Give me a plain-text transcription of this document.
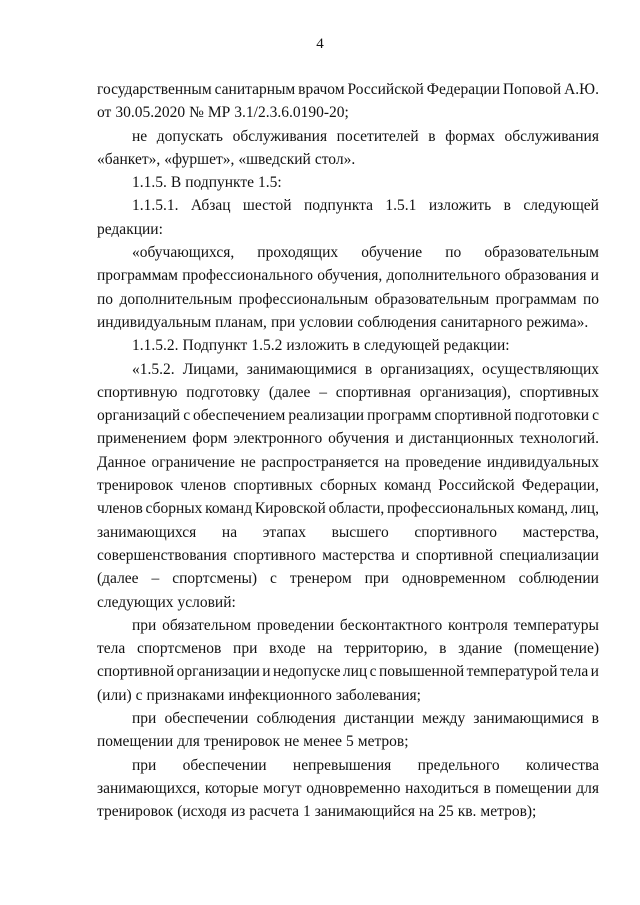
4
государственным санитарным врачом Российской Федерации Поповой А.Ю.
от 30.05.2020 № МР 3.1/2.3.6.0190-20;
не допускать обслуживания посетителей в формах обслуживания
«банкет», «фуршет», «шведский стол».
1.1.5. В подпункте 1.5:
1.1.5.1. Абзац шестой подпункта 1.5.1 изложить в следующей
редакции:
«обучающихся, проходящих обучение по образовательным
программам профессионального обучения, дополнительного образования и
по дополнительным профессиональным образовательным программам по
индивидуальным планам, при условии соблюдения санитарного режима».
1.1.5.2. Подпункт 1.5.2 изложить в следующей редакции:
«1.5.2. Лицами, занимающимися в организациях, осуществляющих
спортивную подготовку (далее – спортивная организация), спортивных
организаций с обеспечением реализации программ спортивной подготовки с
применением форм электронного обучения и дистанционных технологий.
Данное ограничение не распространяется на проведение индивидуальных
тренировок членов спортивных сборных команд Российской Федерации,
членов сборных команд Кировской области, профессиональных команд, лиц,
занимающихся на этапах высшего спортивного мастерства,
совершенствования спортивного мастерства и спортивной специализации
(далее – спортсмены) с тренером при одновременном соблюдении
следующих условий:
при обязательном проведении бесконтактного контроля температуры
тела спортсменов при входе на территорию, в здание (помещение)
спортивной организации и недопуске лиц с повышенной температурой тела и
(или) с признаками инфекционного заболевания;
при обеспечении соблюдения дистанции между занимающимися в
помещении для тренировок не менее 5 метров;
при обеспечении непревышения предельного количества
занимающихся, которые могут одновременно находиться в помещении для
тренировок (исходя из расчета 1 занимающийся на 25 кв. метров);
